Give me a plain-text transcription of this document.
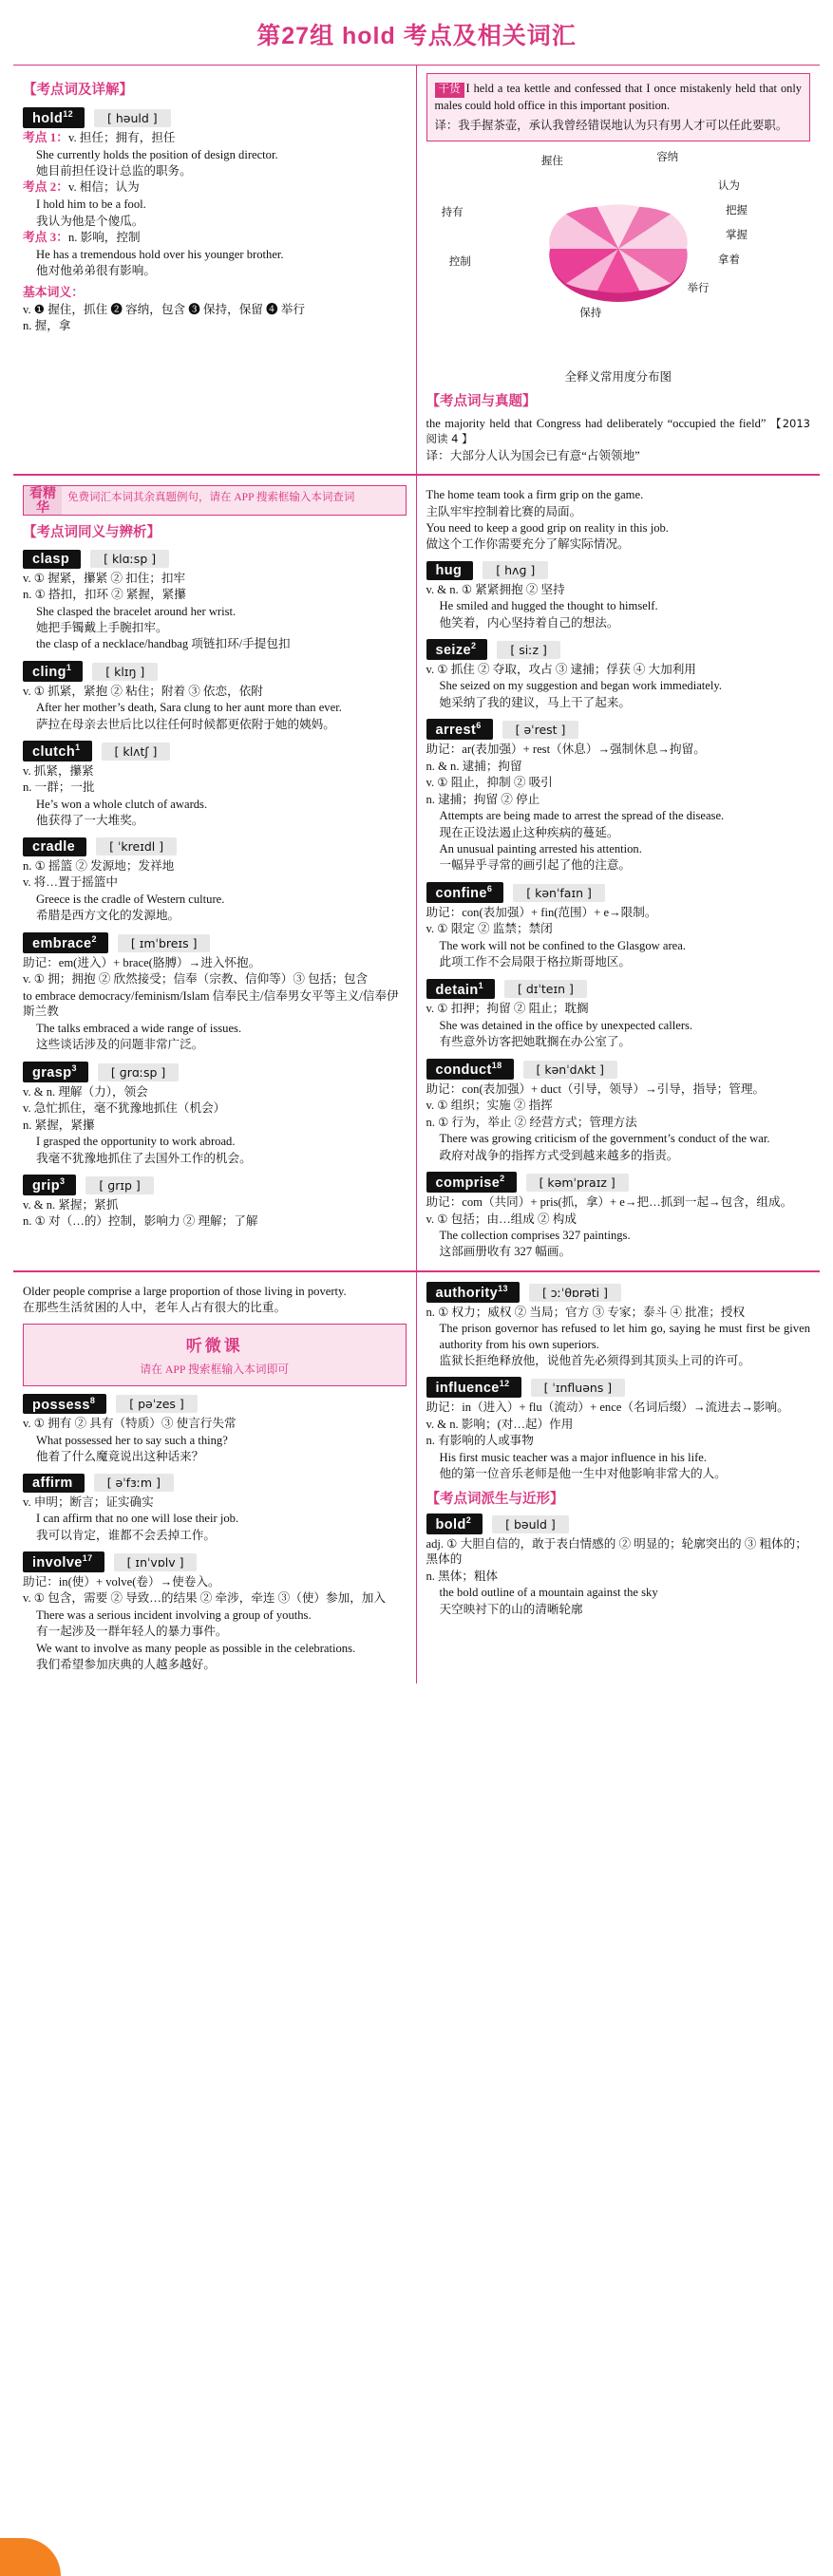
第27组 hold 考点及相关词汇
【考点词及详解】
hold$^{12}$	[ həuld ]
考点 1：v. 担任；拥有，担任
She currently holds the position of design director.
她目前担任设计总监的职务。
考点 2：v. 相信；认为
I hold him to be a fool.
我认为他是个傻瓜。
考点 3：n. 影响，控制
He has a tremendous hold over his younger brother.
他对他弟弟很有影响。
基本词义：
v. ❶ 握住，抓住 ❷ 容纳，包含 ❸ 保持，保留 ❹ 举行
n. 握，拿
干货 I held a tea kettle and confessed that I once mistakenly held that only males could hold office in this important position.
译：我手握茶壶，承认我曾经错误地认为只有男人才可以任此要职。
握住	容纳
认为
把握
掌握
拿着
举行
保持
控制
持有
全释义常用度分布图
【考点词与真题】
the majority held that Congress had deliberately “occupied the field” 【2013 阅读 4 】
译：大部分人认为国会已有意“占领领地”
看精华
免费词汇本词其余真题例句，请在 APP 搜索框输入本词查词
【考点词同义与辨析】
clasp	[ klɑːsp ]
v. ① 握紧，攥紧 ② 扣住；扣牢
n. ① 搭扣，扣环 ② 紧握，紧攥
She clasped the bracelet around her wrist.
她把手镯戴上手腕扣牢。
the clasp of a necklace/handbag 项链扣环/手提包扣
cling$^1$	[ klɪŋ ]
v. ① 抓紧，紧抱 ② 粘住；附着 ③ 依恋，依附
After her mother’s death, Sara clung to her aunt more than ever.
萨拉在母亲去世后比以往任何时候都更依附于她的姨妈。
clutch$^1$	[ klʌtʃ ]
v. 抓紧，攥紧
n. 一群；一批
He’s won a whole clutch of awards.
他获得了一大堆奖。
cradle	[ ˈkreɪdl ]
n. ① 摇篮 ② 发源地；发祥地
v. 将…置于摇篮中
Greece is the cradle of Western culture.
希腊是西方文化的发源地。
embrace$^2$	[ ɪmˈbreɪs ]
助记：em(进入）+ brace(胳膊）→进入怀抱。
v. ① 拥；拥抱 ② 欣然接受；信奉（宗教、信仰等）③ 包括；包含
to embrace democracy/feminism/Islam 信奉民主/信奉男女平等主义/信奉伊斯兰教
The talks embraced a wide range of issues.
这些谈话涉及的问题非常广泛。
grasp$^3$	[ ɡrɑːsp ]
v. & n. 理解（力），领会
v. 急忙抓住，毫不犹豫地抓住（机会）
n. 紧握，紧攥
I grasped the opportunity to work abroad.
我毫不犹豫地抓住了去国外工作的机会。
grip$^3$	[ ɡrɪp ]
v. & n. 紧握；紧抓
n. ① 对（…的）控制，影响力 ② 理解；了解
The home team took a firm grip on the game.
主队牢牢控制着比赛的局面。
You need to keep a good grip on reality in this job.
做这个工作你需要充分了解实际情况。
hug	[ hʌɡ ]
v. & n. ① 紧紧拥抱 ② 坚持
He smiled and hugged the thought to himself.
他笑着，内心坚持着自己的想法。
seize$^2$	[ siːz ]
v. ① 抓住 ② 夺取，攻占 ③ 逮捕；俘获 ④ 大加利用
She seized on my suggestion and began work immediately.
她采纳了我的建议，马上干了起来。
arrest$^6$	[ əˈrest ]
助记：ar(表加强）+ rest（休息）→强制休息→拘留。
n. & n. 逮捕；拘留
v. ① 阻止，抑制 ② 吸引
n. 逮捕；拘留 ② 停止
Attempts are being made to arrest the spread of the disease.
现在正设法遏止这种疾病的蔓延。
An unusual painting arrested his attention.
一幅异乎寻常的画引起了他的注意。
confine$^6$	[ kənˈfaɪn ]
助记：con(表加强）+ fin(范围）+ e→限制。
v. ① 限定 ② 监禁；禁闭
The work will not be confined to the Glasgow area.
此项工作不会局限于格拉斯哥地区。
detain$^1$	[ dɪˈteɪn ]
v. ① 扣押；拘留 ② 阻止；耽搁
She was detained in the office by unexpected callers.
有些意外访客把她耽搁在办公室了。
conduct$^{18}$	[ kənˈdʌkt ]
助记：con(表加强）+ duct（引导，领导）→引导，指导；管理。
v. ① 组织；实施 ② 指挥
n. ① 行为，举止 ② 经营方式；管理方法
There was growing criticism of the government’s conduct of the war.
政府对战争的指挥方式受到越来越多的指责。
comprise$^2$	[ kəmˈpraɪz ]
助记：com（共同）+ pris(抓，拿）+ e→把…抓到一起→包含，组成。
v. ① 包括；由…组成 ② 构成
The collection comprises 327 paintings.
这部画册收有 327 幅画。
Older people comprise a large proportion of those living in poverty.
在那些生活贫困的人中，老年人占有很大的比重。
听微课
请在 APP 搜索框输入本词即可
possess$^8$	[ pəˈzes ]
v. ① 拥有 ② 具有（特质）③ 使言行失常
What possessed her to say such a thing?
他着了什么魔竟说出这种话来？
affirm	[ əˈfɜːm ]
v. 申明；断言；证实确实
I can affirm that no one will lose their job.
我可以肯定，谁都不会丢掉工作。
involve$^{17}$	[ ɪnˈvɒlv ]
助记：in(使）+ volve(卷）→使卷入。
v. ① 包含，需要 ② 导致…的结果 ② 牵涉，牵连 ③（使）参加，加入
There was a serious incident involving a group of youths.
有一起涉及一群年轻人的暴力事件。
We want to involve as many people as possible in the celebrations.
我们希望参加庆典的人越多越好。
authority$^{13}$	[ ɔːˈθɒrəti ]
n. ① 权力；威权 ② 当局；官方 ③ 专家；泰斗 ④ 批准；授权
The prison governor has refused to let him go, saying he must first be given authority from his own superiors.
监狱长拒绝释放他，说他首先必须得到其顶头上司的许可。
influence$^{12}$	[ ˈɪnfluəns ]
助记：in（进入）+ flu（流动）+ ence（名词后缀）→流进去→影响。
v. & n. 影响；(对…起）作用
n. 有影响的人或事物
His first music teacher was a major influence in his life.
他的第一位音乐老师是他一生中对他影响非常大的人。
【考点词派生与近形】
bold$^2$	[ bəuld ]
adj. ① 大胆自信的，敢于表白情感的 ② 明显的；轮廓突出的 ③ 粗体的；黑体的
n. 黑体；粗体
the bold outline of a mountain against the sky
天空映衬下的山的清晰轮廓
